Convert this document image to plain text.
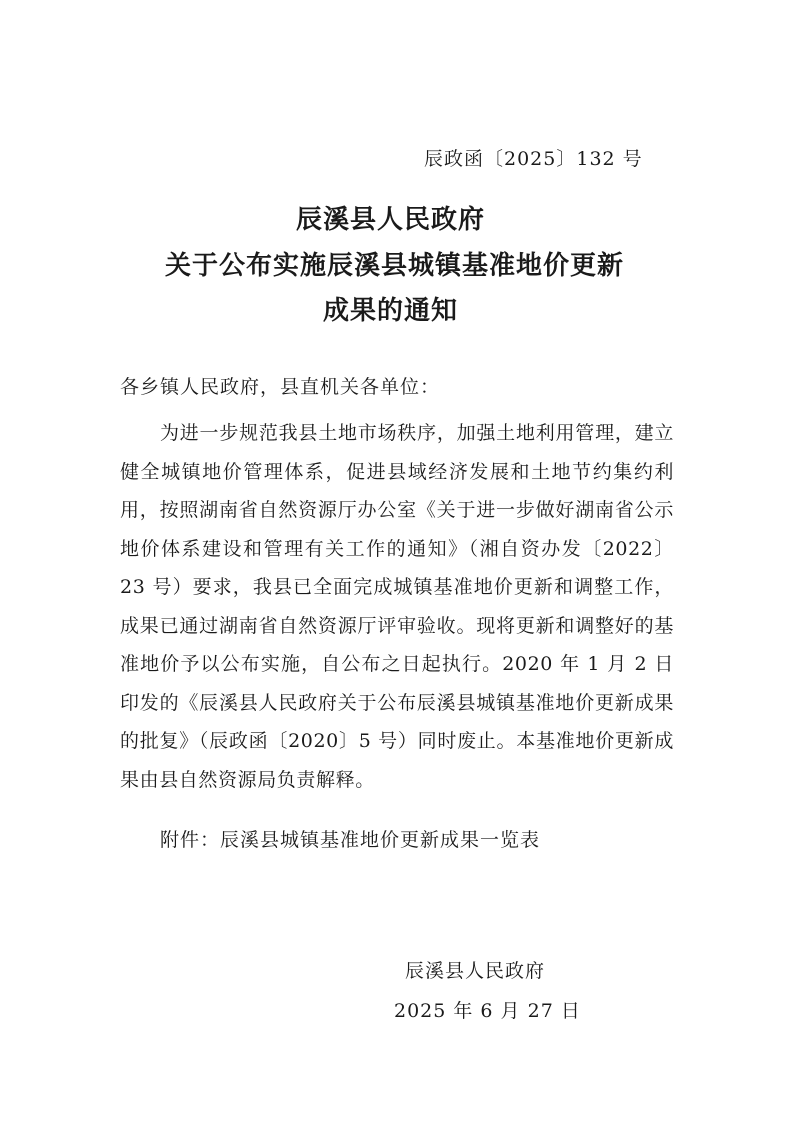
辰政函〔2025〕132 号
辰溪县人民政府
关于公布实施辰溪县城镇基准地价更新
成果的通知
各乡镇人民政府，县直机关各单位：

为进一步规范我县土地市场秩序，加强土地利用管理，建立健全城镇地价管理体系，促进县域经济发展和土地节约集约利用，按照湖南省自然资源厅办公室《关于进一步做好湖南省公示地价体系建设和管理有关工作的通知》（湘自资办发〔2022〕23 号）要求，我县已全面完成城镇基准地价更新和调整工作，成果已通过湖南省自然资源厅评审验收。现将更新和调整好的基准地价予以公布实施，自公布之日起执行。2020 年 1 月 2 日印发的《辰溪县人民政府关于公布辰溪县城镇基准地价更新成果的批复》（辰政函〔2020〕5 号）同时废止。本基准地价更新成果由县自然资源局负责解释。

附件：辰溪县城镇基准地价更新成果一览表
辰溪县人民政府
2025 年 6 月 27 日
